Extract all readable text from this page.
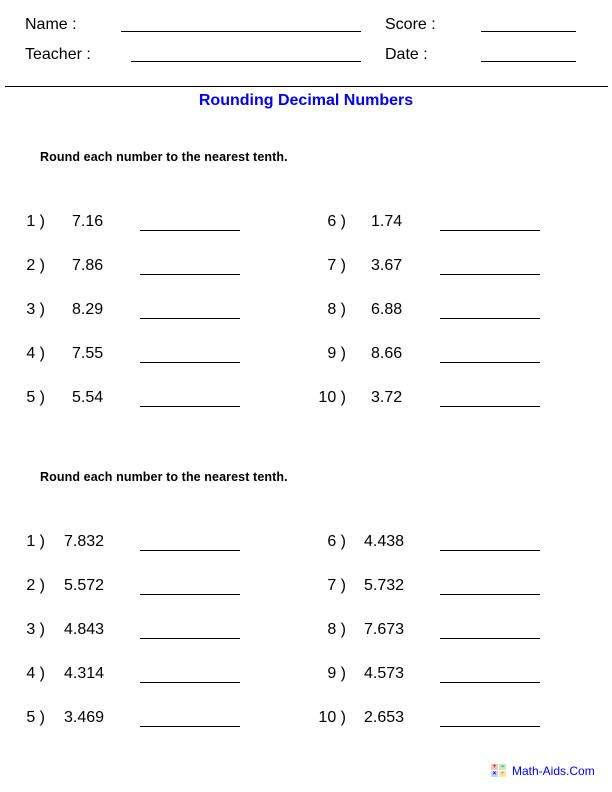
Name :	Score :
Teacher :	Date :
Rounding Decimal Numbers
Round each number to the nearest tenth.
1 ) 7.16
2 ) 7.86
3 ) 8.29
4 ) 7.55
5 ) 5.54
6 ) 1.74
7 ) 3.67
8 ) 6.88
9 ) 8.66
10 ) 3.72
Round each number to the nearest tenth.
1 ) 7.832
2 ) 5.572
3 ) 4.843
4 ) 4.314
5 ) 3.469
6 ) 4.438
7 ) 5.732
8 ) 7.673
9 ) 4.573
10 ) 2.653
+ −
× ÷ Math-Aids.Com
